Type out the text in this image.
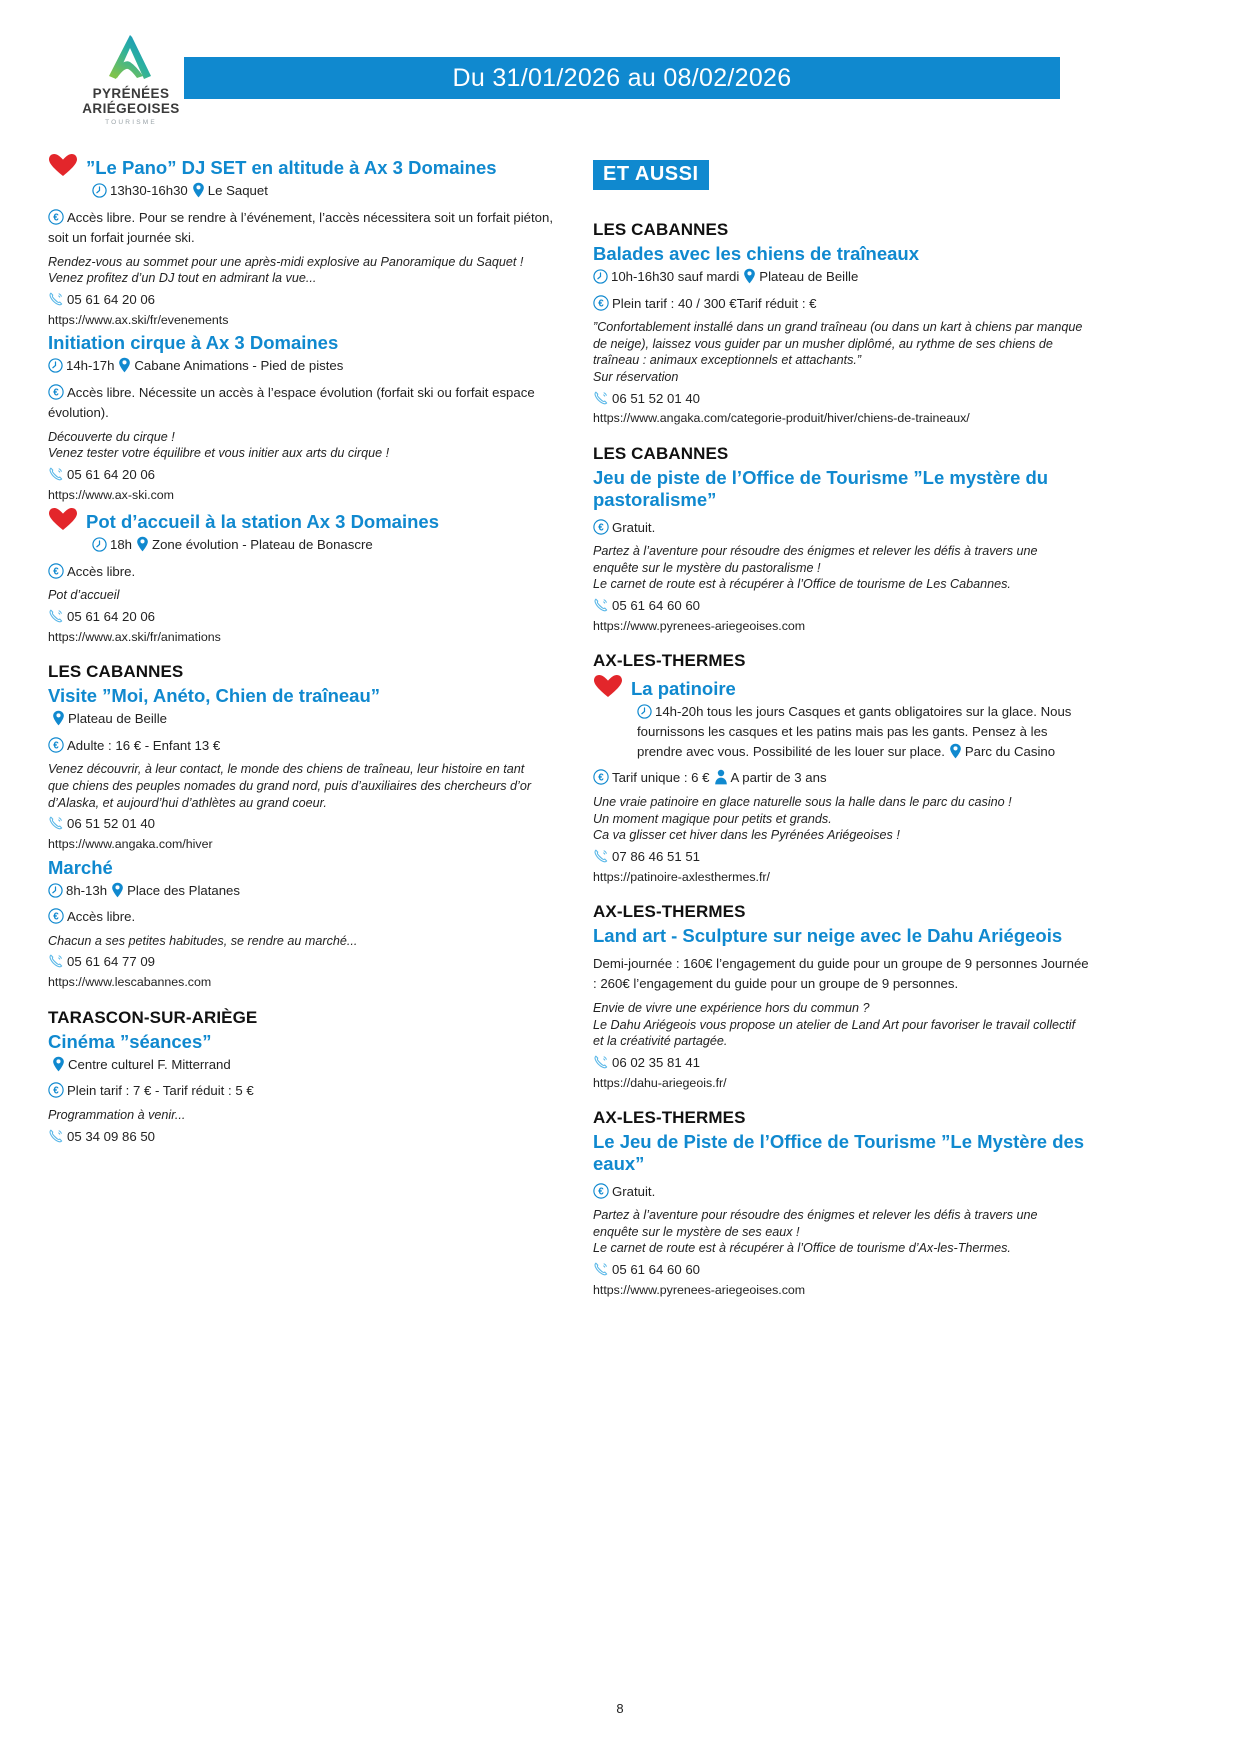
PYRÉNÉES
ARIÉGEOISES
TOURISME
Du 31/01/2026 au 08/02/2026
”Le Pano” DJ SET en altitude à Ax 3 Domaines
13h30-16h30 Le Saquet
€ Accès libre. Pour se rendre à l’événement, l’accès nécessitera soit un forfait piéton, soit un forfait journée ski.
Rendez-vous au sommet pour une après-midi explosive au Panoramique du Saquet !
Venez profitez d’un DJ tout en admirant la vue...
05 61 64 20 06
https://www.ax.ski/fr/evenements
Initiation cirque à Ax 3 Domaines
14h-17h Cabane Animations - Pied de pistes
€ Accès libre. Nécessite un accès à l’espace évolution (forfait ski ou forfait espace évolution).
Découverte du cirque !
Venez tester votre équilibre et vous initier aux arts du cirque !
05 61 64 20 06
https://www.ax-ski.com
Pot d’accueil à la station Ax 3 Domaines
18h Zone évolution - Plateau de Bonascre
€ Accès libre.
Pot d’accueil
05 61 64 20 06
https://www.ax.ski/fr/animations
LES CABANNES
Visite ”Moi, Anéto, Chien de traîneau”
Plateau de Beille
€ Adulte : 16 € - Enfant 13 €
Venez découvrir, à leur contact, le monde des chiens de traîneau, leur histoire en tant
que chiens des peuples nomades du grand nord, puis d’auxiliaires des chercheurs d’or
d’Alaska, et aujourd’hui d’athlètes au grand coeur.
06 51 52 01 40
https://www.angaka.com/hiver
Marché
8h-13h Place des Platanes
€ Accès libre.
Chacun a ses petites habitudes, se rendre au marché...
05 61 64 77 09
https://www.lescabannes.com
TARASCON-SUR-ARIÈGE
Cinéma ”séances”
Centre culturel F. Mitterrand
€ Plein tarif : 7 € - Tarif réduit : 5 €
Programmation à venir...
05 34 09 86 50
ET AUSSI
LES CABANNES
Balades avec les chiens de traîneaux
10h-16h30 sauf mardi Plateau de Beille
€ Plein tarif : 40 / 300 €Tarif réduit : €
”Confortablement installé dans un grand traîneau (ou dans un kart à chiens par manque
de neige), laissez vous guider par un musher diplômé, au rythme de ses chiens de
traîneau : animaux exceptionnels et attachants.”
Sur réservation
06 51 52 01 40
https://www.angaka.com/categorie-produit/hiver/chiens-de-traineaux/
LES CABANNES
Jeu de piste de l’Office de Tourisme ”Le mystère du pastoralisme”
€ Gratuit.
Partez à l’aventure pour résoudre des énigmes et relever les défis à travers une
enquête sur le mystère du pastoralisme !
Le carnet de route est à récupérer à l’Office de tourisme de Les Cabannes.
05 61 64 60 60
https://www.pyrenees-ariegeoises.com
AX-LES-THERMES
La patinoire
14h-20h tous les jours Casques et gants obligatoires sur la glace. Nous fournissons les casques et les patins mais pas les gants. Pensez à les prendre avec vous. Possibilité de les louer sur place. Parc du Casino
€ Tarif unique : 6 € A partir de 3 ans
Une vraie patinoire en glace naturelle sous la halle dans le parc du casino !
Un moment magique pour petits et grands.
Ca va glisser cet hiver dans les Pyrénées Ariégeoises !
07 86 46 51 51
https://patinoire-axlesthermes.fr/
AX-LES-THERMES
Land art - Sculpture sur neige avec le Dahu Ariégeois
Demi-journée : 160€ l’engagement du guide pour un groupe de 9 personnes Journée
: 260€ l’engagement du guide pour un groupe de 9 personnes.
Envie de vivre une expérience hors du commun ?
Le Dahu Ariégeois vous propose un atelier de Land Art pour favoriser le travail collectif
et la créativité partagée.
06 02 35 81 41
https://dahu-ariegeois.fr/
AX-LES-THERMES
Le Jeu de Piste de l’Office de Tourisme ”Le Mystère des eaux”
€ Gratuit.
Partez à l’aventure pour résoudre des énigmes et relever les défis à travers une
enquête sur le mystère de ses eaux !
Le carnet de route est à récupérer à l’Office de tourisme d’Ax-les-Thermes.
05 61 64 60 60
https://www.pyrenees-ariegeoises.com
8
